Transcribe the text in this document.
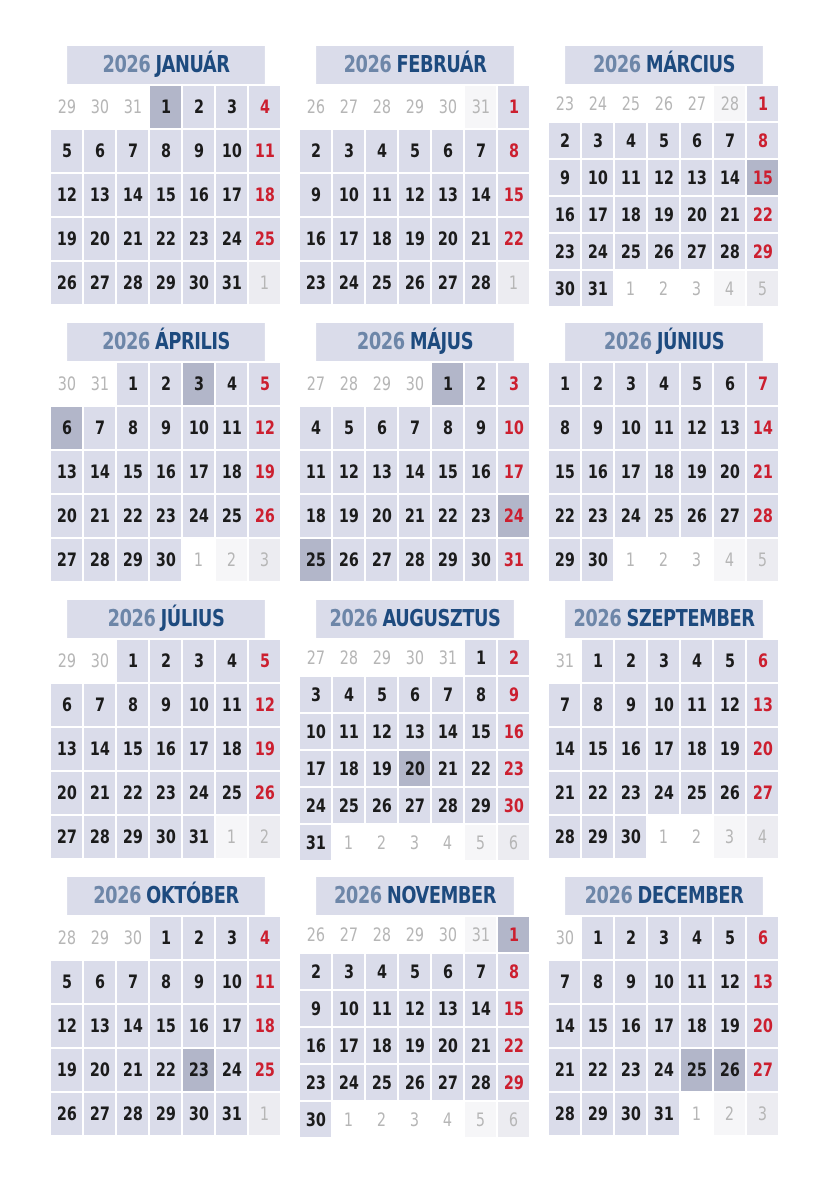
2026 JANUÁR
29 30 31 1 2 3 4
5 6 7 8 9 10 11
12 13 14 15 16 17 18
19 20 21 22 23 24 25
26 27 28 29 30 31 1
2026 FEBRUÁR
26 27 28 29 30 31 1
2 3 4 5 6 7 8
9 10 11 12 13 14 15
16 17 18 19 20 21 22
23 24 25 26 27 28 1
2026 MÁRCIUS
23 24 25 26 27 28 1
2 3 4 5 6 7 8
9 10 11 12 13 14 15
16 17 18 19 20 21 22
23 24 25 26 27 28 29
30 31 1 2 3 4 5
2026 ÁPRILIS
30 31 1 2 3 4 5
6 7 8 9 10 11 12
13 14 15 16 17 18 19
20 21 22 23 24 25 26
27 28 29 30 1 2 3
2026 MÁJUS
27 28 29 30 1 2 3
4 5 6 7 8 9 10
11 12 13 14 15 16 17
18 19 20 21 22 23 24
25 26 27 28 29 30 31
2026 JÚNIUS
1 2 3 4 5 6 7
8 9 10 11 12 13 14
15 16 17 18 19 20 21
22 23 24 25 26 27 28
29 30 1 2 3 4 5
2026 JÚLIUS
29 30 1 2 3 4 5
6 7 8 9 10 11 12
13 14 15 16 17 18 19
20 21 22 23 24 25 26
27 28 29 30 31 1 2
2026 AUGUSZTUS
27 28 29 30 31 1 2
3 4 5 6 7 8 9
10 11 12 13 14 15 16
17 18 19 20 21 22 23
24 25 26 27 28 29 30
31 1 2 3 4 5 6
2026 SZEPTEMBER
31 1 2 3 4 5 6
7 8 9 10 11 12 13
14 15 16 17 18 19 20
21 22 23 24 25 26 27
28 29 30 1 2 3 4
2026 OKTÓBER
28 29 30 1 2 3 4
5 6 7 8 9 10 11
12 13 14 15 16 17 18
19 20 21 22 23 24 25
26 27 28 29 30 31 1
2026 NOVEMBER
26 27 28 29 30 31 1
2 3 4 5 6 7 8
9 10 11 12 13 14 15
16 17 18 19 20 21 22
23 24 25 26 27 28 29
30 1 2 3 4 5 6
2026 DECEMBER
30 1 2 3 4 5 6
7 8 9 10 11 12 13
14 15 16 17 18 19 20
21 22 23 24 25 26 27
28 29 30 31 1 2 3
